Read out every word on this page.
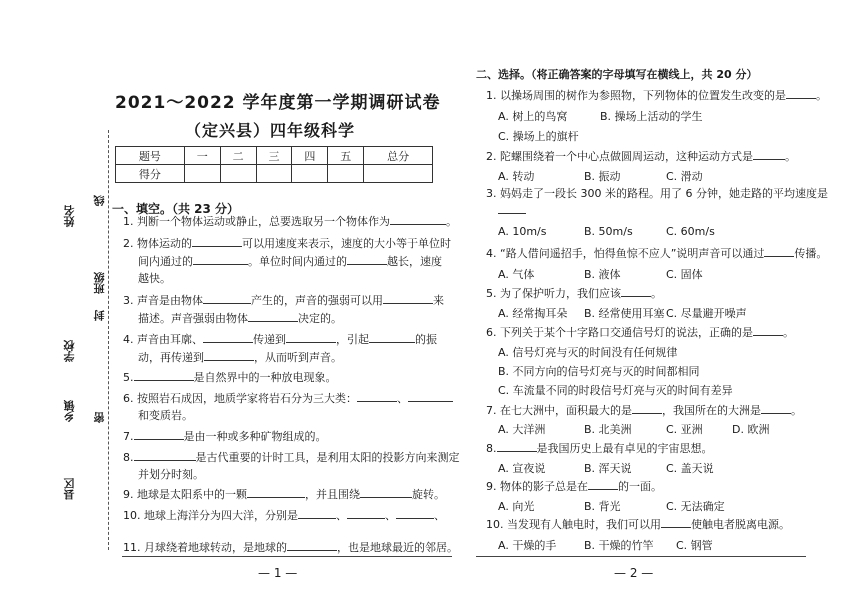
姓名
线
班级
封
学校
乡镇 密
县区
2021～2022 学年度第一学期调研试卷
（定兴县）四年级科学
题号	一	二	三	四	五	总分
得分						
一、填空。（共 23 分）
1. 判断一个物体运动或静止，总要选取另一个物体作为	。
2. 物体运动的	可以用速度来表示，速度的大小等于单位时
间内通过的	。单位时间内通过的	越长，速度
越快。
3. 声音是由物体	产生的，声音的强弱可以用	来
描述。声音强弱由物体	决定的。
4. 声音由耳廓、	传递到	，引起	的振
动，再传递到	，从而听到声音。
5.	是自然界中的一种放电现象。
6. 按照岩石成因，地质学家将岩石分为三大类：	、
和变质岩。
7.	是由一种或多种矿物组成的。
8.	是古代重要的计时工具，是利用太阳的投影方向来测定
并划分时刻。
9. 地球是太阳系中的一颗	，并且围绕	旋转。
10. 地球上海洋分为四大洋，分别是	、	、	、
11. 月球绕着地球转动，是地球的	，也是地球最近的邻居。
— 1 —
二、选择。（将正确答案的字母填写在横线上，共 20 分）
1. 以操场周围的树作为参照物，下列物体的位置发生改变的是	。
A. 树上的鸟窝	B. 操场上活动的学生
C. 操场上的旗杆
2. 陀螺围绕着一个中心点做圆周运动，这种运动方式是	。
A. 转动	B. 振动	C. 滑动
3. 妈妈走了一段长 300 米的路程。用了 6 分钟，她走路的平均速度是
A. 10m/s	B. 50m/s	C. 60m/s
4. “路人借问遥招手，怕得鱼惊不应人”说明声音可以通过	传播。
A. 气体	B. 液体	C. 固体
5. 为了保护听力，我们应该	。
A. 经常掏耳朵 B. 经常使用耳塞 C. 尽量避开噪声
6. 下列关于某个十字路口交通信号灯的说法，正确的是	。
A. 信号灯亮与灭的时间没有任何规律
B. 不同方向的信号灯亮与灭的时间都相同
C. 车流量不同的时段信号灯亮与灭的时间有差异
7. 在七大洲中，面积最大的是	，我国所在的大洲是	。
A. 大洋洲	B. 北美洲	C. 亚洲	D. 欧洲
8.	是我国历史上最有卓见的宇宙思想。
A. 宣夜说	B. 浑天说	C. 盖天说
9. 物体的影子总是在	的一面。
A. 向光	B. 背光	C. 无法确定
10. 当发现有人触电时，我们可以用	使触电者脱离电源。
A. 干燥的手	B. 干燥的竹竿 C. 钢管
— 2 —
